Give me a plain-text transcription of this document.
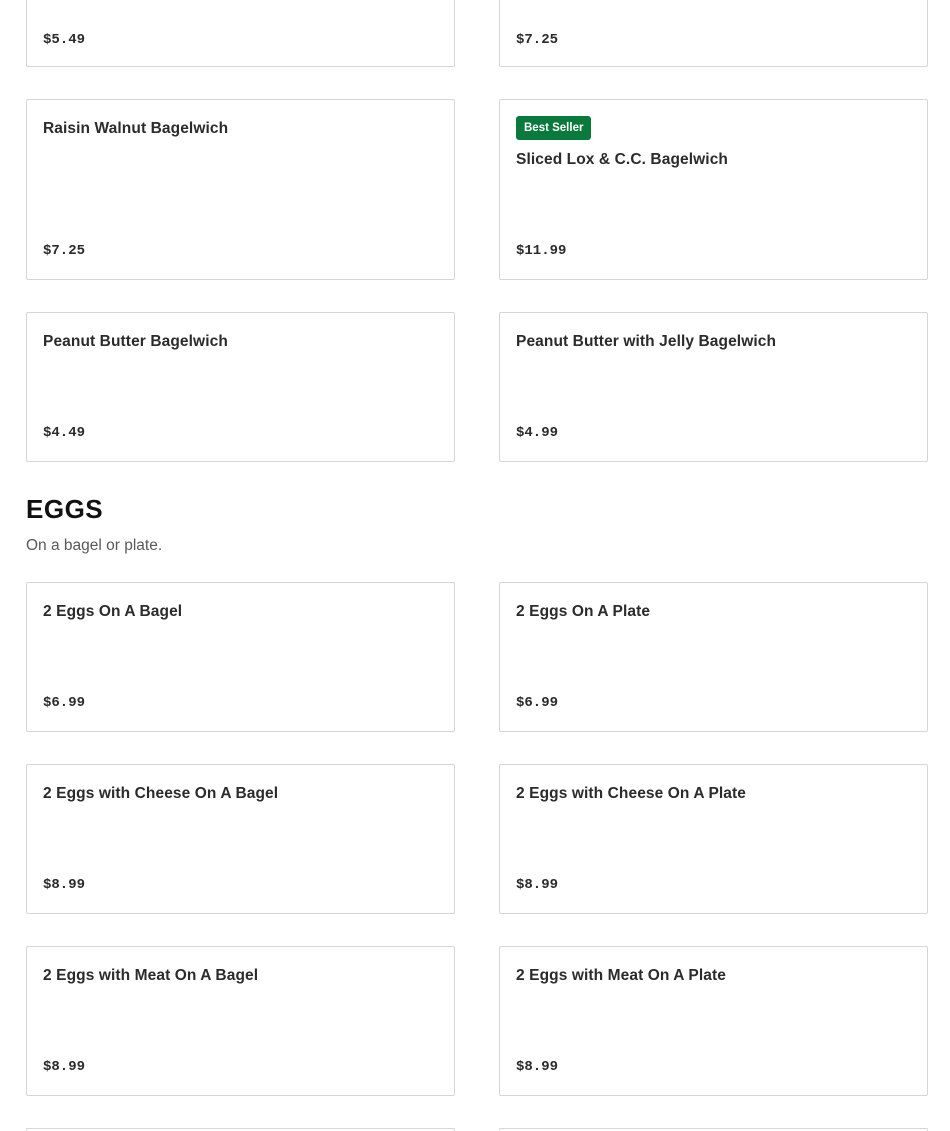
$5.49	$7.25
Raisin Walnut Bagelwich
$7.25
Best Seller
Sliced Lox & C.C. Bagelwich
$11.99
Peanut Butter Bagelwich
$4.49
Peanut Butter with Jelly Bagelwich
$4.99
EGGS

On a bagel or plate.

2 Eggs On A Bagel
$6.99
2 Eggs On A Plate
$6.99
2 Eggs with Cheese On A Bagel
$8.99
2 Eggs with Cheese On A Plate
$8.99
2 Eggs with Meat On A Bagel
$8.99
2 Eggs with Meat On A Plate
$8.99
